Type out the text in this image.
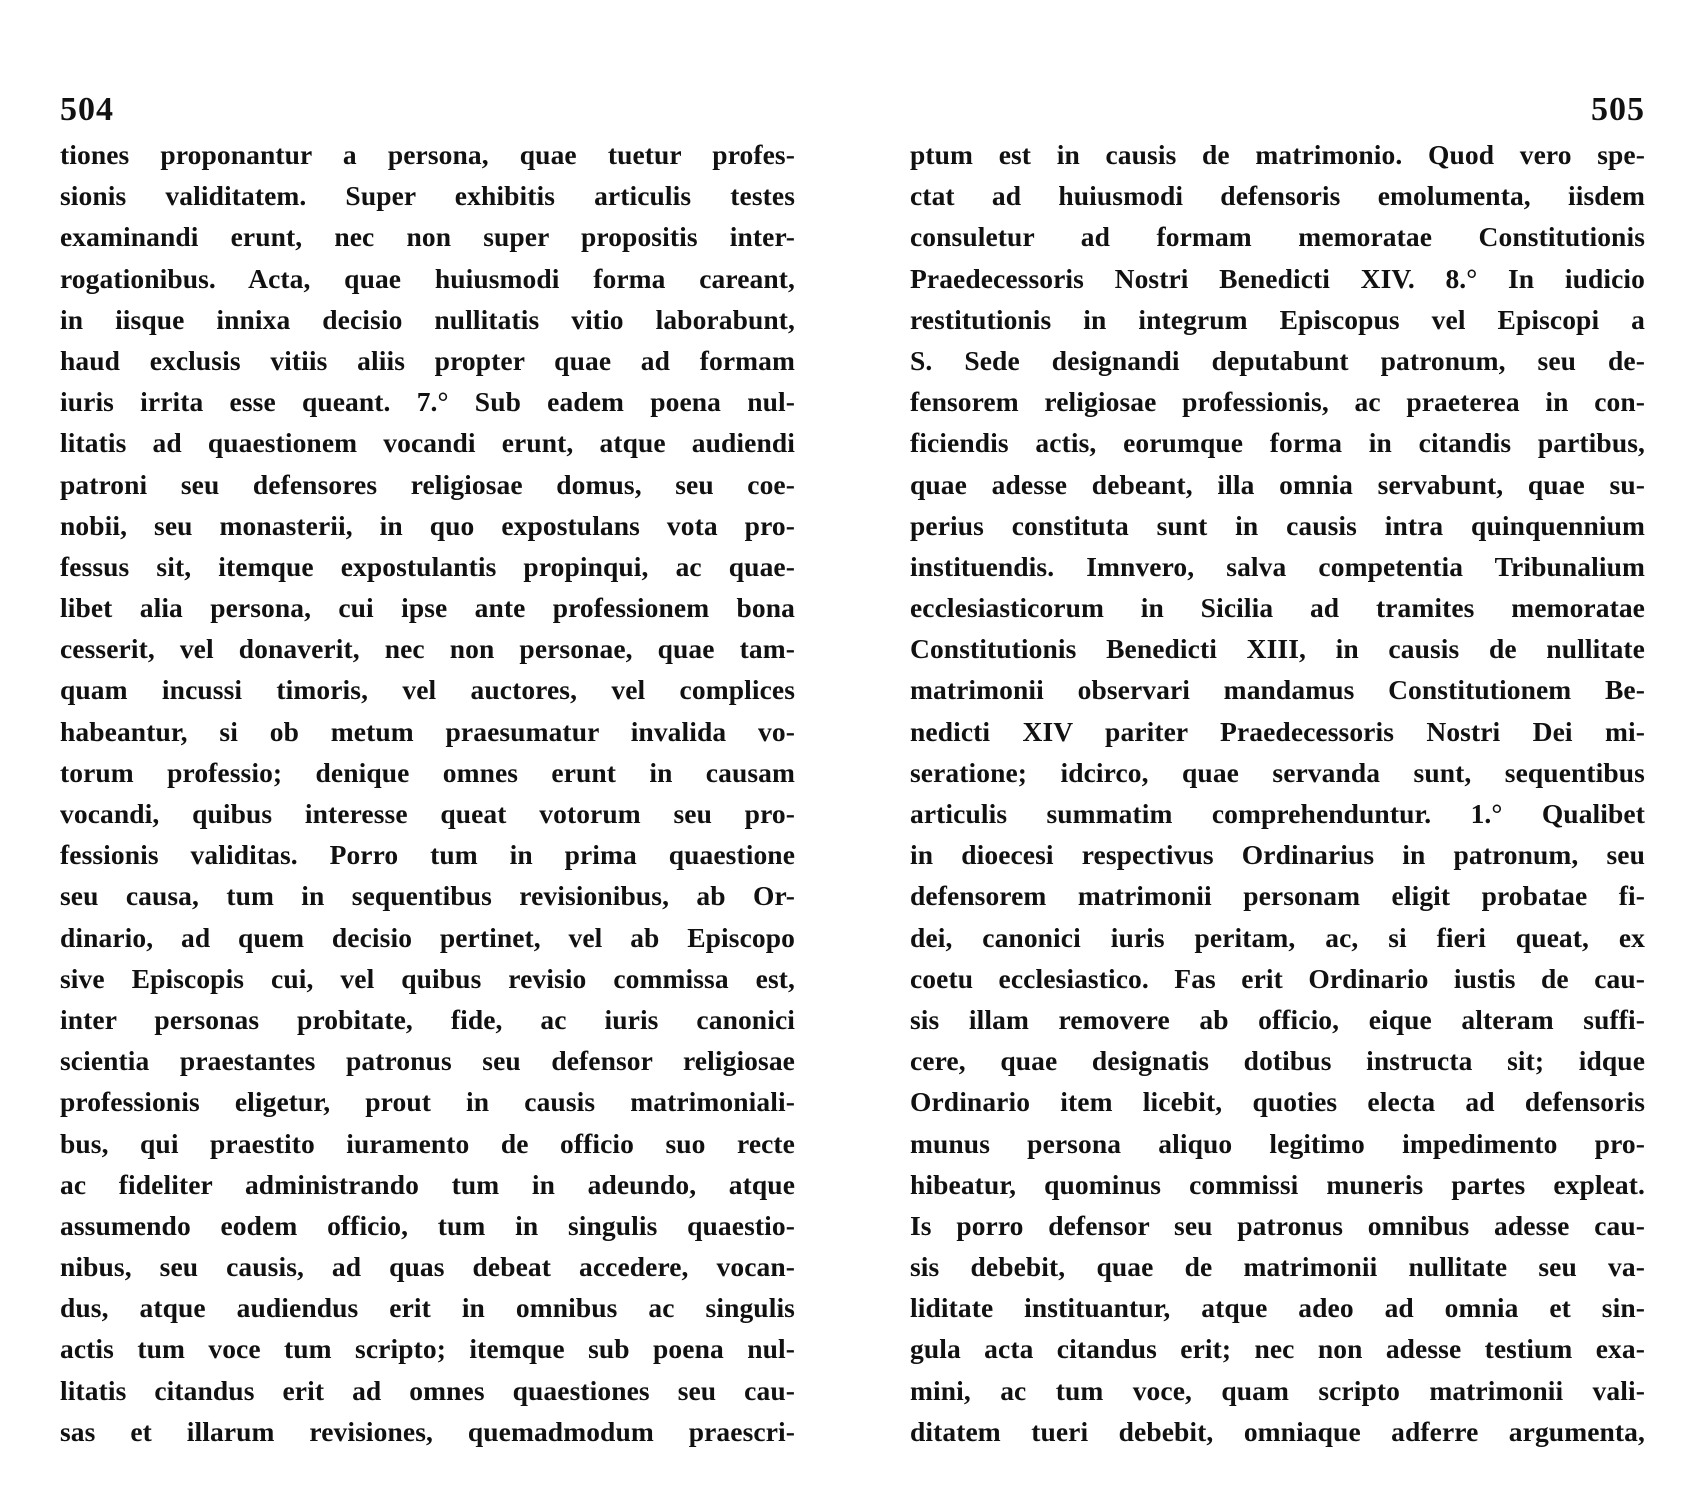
504
tiones proponantur a persona, quae tuetur profes-
sionis validitatem. Super exhibitis articulis testes
examinandi erunt, nec non super propositis inter-
rogationibus. Acta, quae huiusmodi forma careant,
in iisque innixa decisio nullitatis vitio laborabunt,
haud exclusis vitiis aliis propter quae ad formam
iuris irrita esse queant. 7.° Sub eadem poena nul-
litatis ad quaestionem vocandi erunt, atque audiendi
patroni seu defensores religiosae domus, seu coe-
nobii, seu monasterii, in quo expostulans vota pro-
fessus sit, itemque expostulantis propinqui, ac quae-
libet alia persona, cui ipse ante professionem bona
cesserit, vel donaverit, nec non personae, quae tam-
quam incussi timoris, vel auctores, vel complices
habeantur, si ob metum praesumatur invalida vo-
torum professio; denique omnes erunt in causam
vocandi, quibus interesse queat votorum seu pro-
fessionis validitas. Porro tum in prima quaestione
seu causa, tum in sequentibus revisionibus, ab Or-
dinario, ad quem decisio pertinet, vel ab Episcopo
sive Episcopis cui, vel quibus revisio commissa est,
inter personas probitate, fide, ac iuris canonici
scientia praestantes patronus seu defensor religiosae
professionis eligetur, prout in causis matrimoniali-
bus, qui praestito iuramento de officio suo recte
ac fideliter administrando tum in adeundo, atque
assumendo eodem officio, tum in singulis quaestio-
nibus, seu causis, ad quas debeat accedere, vocan-
dus, atque audiendus erit in omnibus ac singulis
actis tum voce tum scripto; itemque sub poena nul-
litatis citandus erit ad omnes quaestiones seu cau-
sas et illarum revisiones, quemadmodum praescri-
505
ptum est in causis de matrimonio. Quod vero spe-
ctat ad huiusmodi defensoris emolumenta, iisdem
consuletur ad formam memoratae Constitutionis
Praedecessoris Nostri Benedicti XIV. 8.° In iudicio
restitutionis in integrum Episcopus vel Episcopi a
S. Sede designandi deputabunt patronum, seu de-
fensorem religiosae professionis, ac praeterea in con-
ficiendis actis, eorumque forma in citandis partibus,
quae adesse debeant, illa omnia servabunt, quae su-
perius constituta sunt in causis intra quinquennium
instituendis. Imnvero, salva competentia Tribunalium
ecclesiasticorum in Sicilia ad tramites memoratae
Constitutionis Benedicti XIII, in causis de nullitate
matrimonii observari mandamus Constitutionem Be-
nedicti XIV pariter Praedecessoris Nostri Dei mi-
seratione; idcirco, quae servanda sunt, sequentibus
articulis summatim comprehenduntur. 1.° Qualibet
in dioecesi respectivus Ordinarius in patronum, seu
defensorem matrimonii personam eligit probatae fi-
dei, canonici iuris peritam, ac, si fieri queat, ex
coetu ecclesiastico. Fas erit Ordinario iustis de cau-
sis illam removere ab officio, eique alteram suffi-
cere, quae designatis dotibus instructa sit; idque
Ordinario item licebit, quoties electa ad defensoris
munus persona aliquo legitimo impedimento pro-
hibeatur, quominus commissi muneris partes expleat.
Is porro defensor seu patronus omnibus adesse cau-
sis debebit, quae de matrimonii nullitate seu va-
liditate instituantur, atque adeo ad omnia et sin-
gula acta citandus erit; nec non adesse testium exa-
mini, ac tum voce, quam scripto matrimonii vali-
ditatem tueri debebit, omniaque adferre argumenta,
